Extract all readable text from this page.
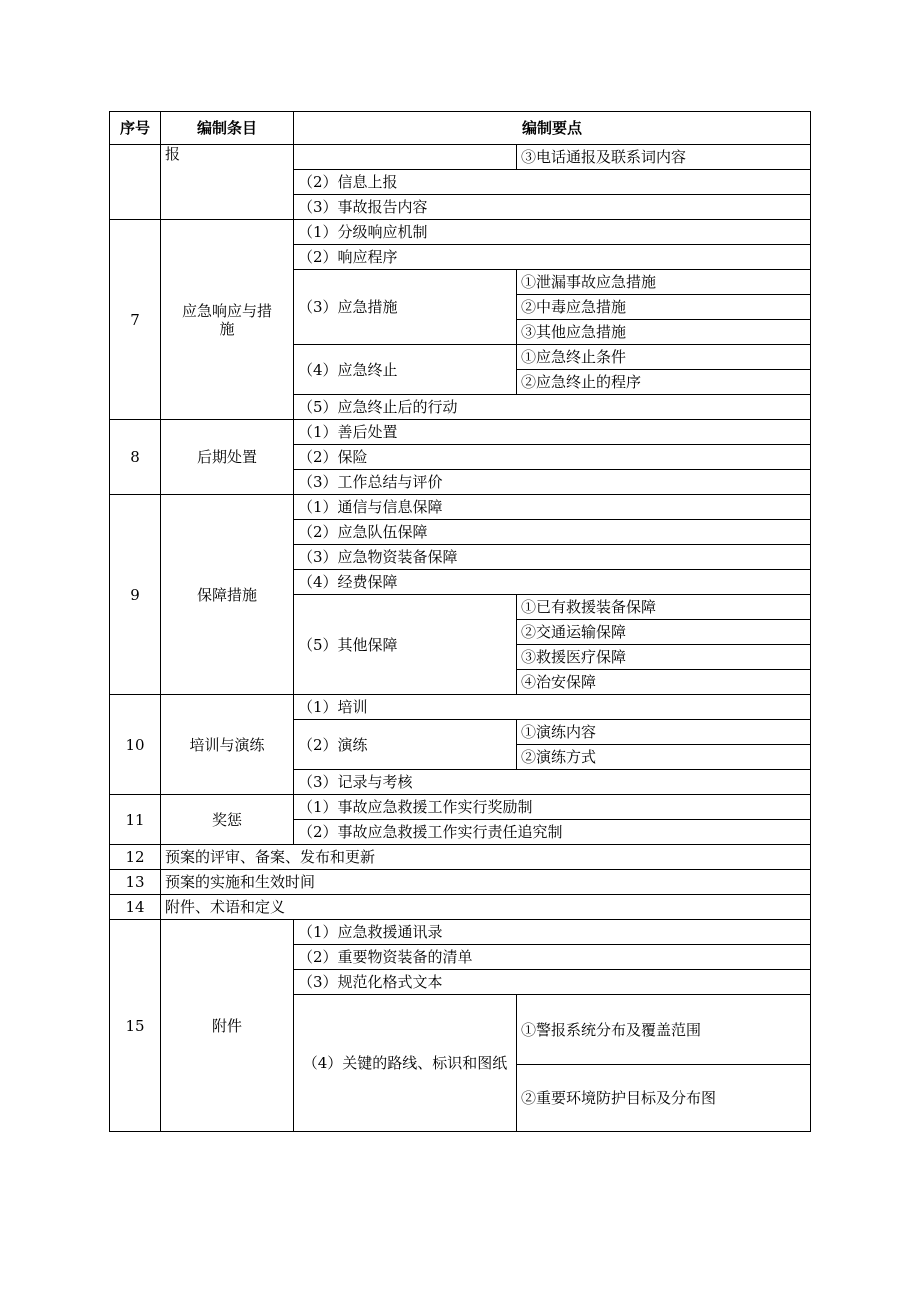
序号	编制条目	编制要点	
	报		③电话通报及联系词内容
		（2）信息上报	
		（3）事故报告内容	
7	应急响应与措施	（1）分级响应机制	
		（2）响应程序	
		（3）应急措施	①泄漏事故应急措施
			②中毒应急措施
			③其他应急措施
		（4）应急终止	①应急终止条件
			②应急终止的程序
		（5）应急终止后的行动	
8	后期处置	（1）善后处置	
		（2）保险	
		（3）工作总结与评价	
9	保障措施	（1）通信与信息保障	
		（2）应急队伍保障	
		（3）应急物资装备保障	
		（4）经费保障	
		（5）其他保障	①已有救援装备保障
			②交通运输保障
			③救援医疗保障
			④治安保障
10	培训与演练	（1）培训	
		（2）演练	①演练内容
			②演练方式
		（3）记录与考核	
11	奖惩	（1）事故应急救援工作实行奖励制	
		（2）事故应急救援工作实行责任追究制	
12	预案的评审、备案、发布和更新		
13	预案的实施和生效时间		
14	附件、术语和定义		
15	附件	（1）应急救援通讯录	
		（2）重要物资装备的清单	
		（3）规范化格式文本	
		（4）关键的路线、标识和图纸	①警报系统分布及覆盖范围
			②重要环境防护目标及分布图
